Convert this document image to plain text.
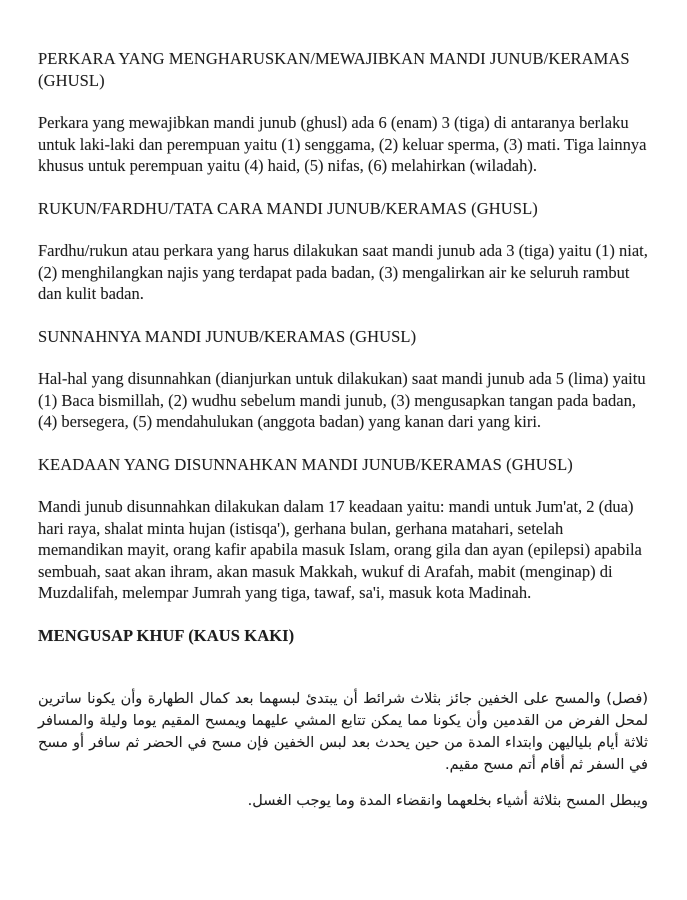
PERKARA YANG MENGHARUSKAN/MEWAJIBKAN MANDI JUNUB/KERAMAS (GHUSL)

Perkara yang mewajibkan mandi junub (ghusl) ada 6 (enam) 3 (tiga) di antaranya berlaku untuk laki-laki dan perempuan yaitu (1) senggama, (2) keluar sperma, (3) mati. Tiga lainnya khusus untuk perempuan yaitu (4) haid, (5) nifas, (6) melahirkan (wiladah).

RUKUN/FARDHU/TATA CARA MANDI JUNUB/KERAMAS (GHUSL)

Fardhu/rukun atau perkara yang harus dilakukan saat mandi junub ada 3 (tiga) yaitu (1) niat, (2) menghilangkan najis yang terdapat pada badan, (3) mengalirkan air ke seluruh rambut dan kulit badan.

SUNNAHNYA MANDI JUNUB/KERAMAS (GHUSL)

Hal-hal yang disunnahkan (dianjurkan untuk dilakukan) saat mandi junub ada 5 (lima) yaitu (1) Baca bismillah, (2) wudhu sebelum mandi junub, (3) mengusapkan tangan pada badan, (4) bersegera, (5) mendahulukan (anggota badan) yang kanan dari yang kiri.

KEADAAN YANG DISUNNAHKAN MANDI JUNUB/KERAMAS (GHUSL)

Mandi junub disunnahkan dilakukan dalam 17 keadaan yaitu: mandi untuk Jum'at, 2 (dua) hari raya, shalat minta hujan (istisqa'), gerhana bulan, gerhana matahari, setelah memandikan mayit, orang kafir apabila masuk Islam, orang gila dan ayan (epilepsi) apabila sembuah, saat akan ihram, akan masuk Makkah, wukuf di Arafah, mabit (menginap) di Muzdalifah, melempar Jumrah yang tiga, tawaf, sa'i, masuk kota Madinah.

MENGUSAP KHUF (KAUS KAKI)

(فصل) والمسح على الخفين جائز بثلاث شرائط أن يبتدئ لبسهما بعد كمال الطهارة وأن يكونا ساترين لمحل الفرض من القدمين وأن يكونا مما يمكن تتابع المشي عليهما ويمسح المقيم يوما وليلة والمسافر ثلاثة أيام بلياليهن وابتداء المدة من حين يحدث بعد لبس الخفين فإن مسح في الحضر ثم سافر أو مسح في السفر ثم أقام أتم مسح مقيم.

ويبطل المسح بثلاثة أشياء بخلعهما وانقضاء المدة وما يوجب الغسل.
